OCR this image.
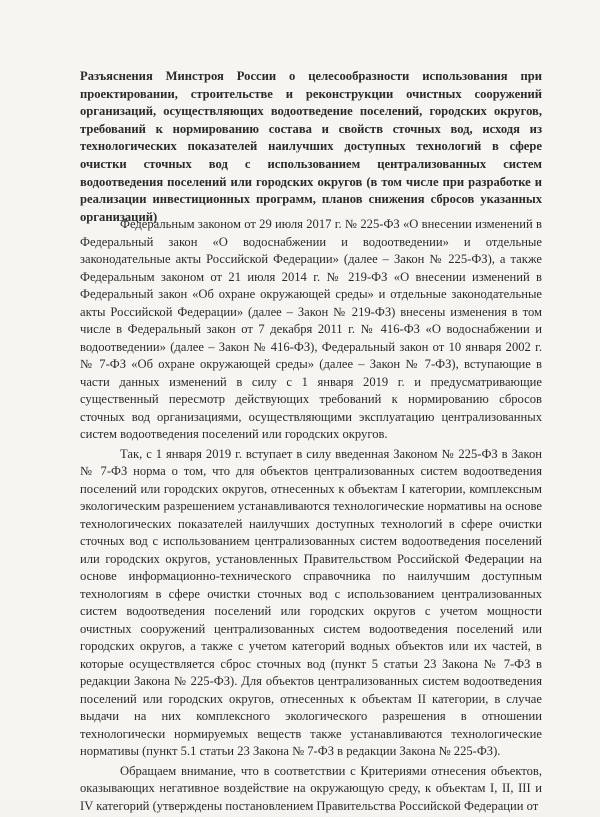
Разъяснения Минстроя России о целесообразности использования при проектировании, строительстве и реконструкции очистных сооружений организаций, осуществляющих водоотведение поселений, городских округов, требований к нормированию состава и свойств сточных вод, исходя из технологических показателей наилучших доступных технологий в сфере очистки сточных вод с использованием централизованных систем водоотведения поселений или городских округов (в том числе при разработке и реализации инвестиционных программ, планов снижения сбросов указанных организаций)

Федеральным законом от 29 июля 2017 г. № 225-ФЗ «О внесении изменений в Федеральный закон «О водоснабжении и водоотведении» и отдельные законодательные акты Российской Федерации» (далее – Закон № 225-ФЗ), а также Федеральным законом от 21 июля 2014 г. № 219-ФЗ «О внесении изменений в Федеральный закон «Об охране окружающей среды» и отдельные законодательные акты Российской Федерации» (далее – Закон № 219-ФЗ) внесены изменения в том числе в Федеральный закон от 7 декабря 2011 г. № 416-ФЗ «О водоснабжении и водоотведении» (далее – Закон № 416-ФЗ), Федеральный закон от 10 января 2002 г. № 7-ФЗ «Об охране окружающей среды» (далее – Закон № 7-ФЗ), вступающие в части данных изменений в силу с 1 января 2019 г. и предусматривающие существенный пересмотр действующих требований к нормированию сбросов сточных вод организациями, осуществляющими эксплуатацию централизованных систем водоотведения поселений или городских округов.

Так, с 1 января 2019 г. вступает в силу введенная Законом № 225-ФЗ в Закон № 7-ФЗ норма о том, что для объектов централизованных систем водоотведения поселений или городских округов, отнесенных к объектам I категории, комплексным экологическим разрешением устанавливаются технологические нормативы на основе технологических показателей наилучших доступных технологий в сфере очистки сточных вод с использованием централизованных систем водоотведения поселений или городских округов, установленных Правительством Российской Федерации на основе информационно-технического справочника по наилучшим доступным технологиям в сфере очистки сточных вод с использованием централизованных систем водоотведения поселений или городских округов с учетом мощности очистных сооружений централизованных систем водоотведения поселений или городских округов, а также с учетом категорий водных объектов или их частей, в которые осуществляется сброс сточных вод (пункт 5 статьи 23 Закона № 7-ФЗ в редакции Закона № 225-ФЗ). Для объектов централизованных систем водоотведения поселений или городских округов, отнесенных к объектам II категории, в случае выдачи на них комплексного экологического разрешения в отношении технологически нормируемых веществ также устанавливаются технологические нормативы (пункт 5.1 статьи 23 Закона № 7-ФЗ в редакции Закона № 225-ФЗ).

Обращаем внимание, что в соответствии с Критериями отнесения объектов, оказывающих негативное воздействие на окружающую среду, к объектам I, II, III и IV категорий (утверждены постановлением Правительства Российской Федерации от
